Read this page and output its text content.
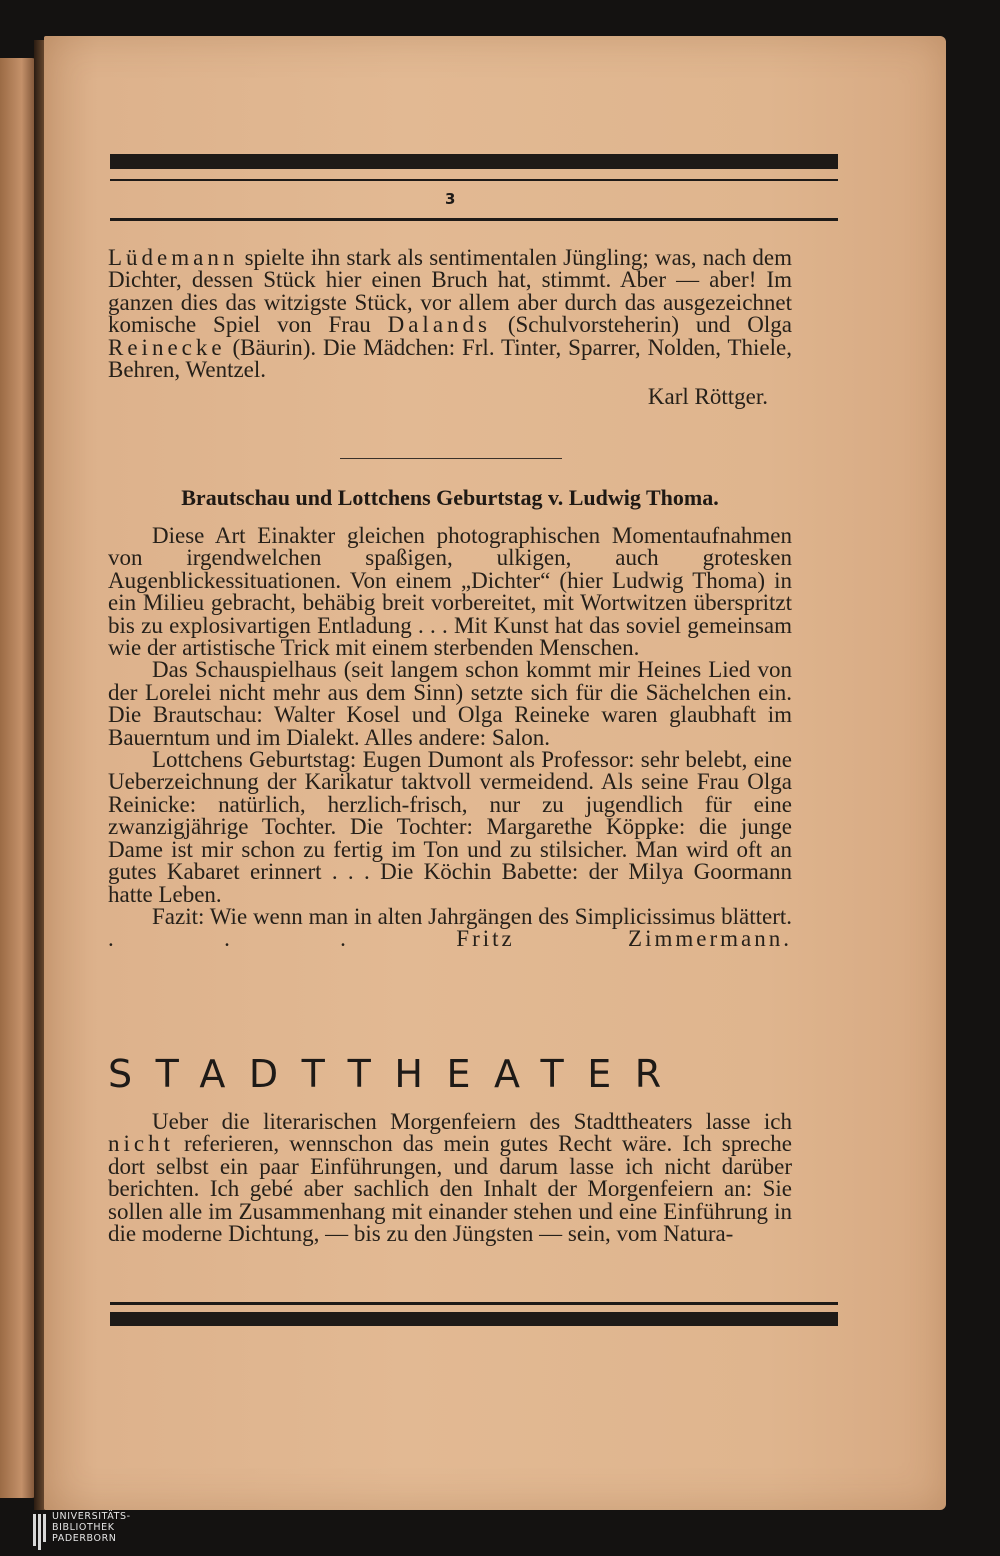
3

Lüdemann spielte ihn stark als sentimentalen Jüngling; was, nach dem Dichter, dessen Stück hier einen Bruch hat, stimmt. Aber — aber! Im ganzen dies das witzigste Stück, vor allem aber durch das ausgezeichnet komische Spiel von Frau Dalands (Schulvorsteherin) und Olga Reinecke (Bäurin). Die Mädchen: Frl. Tinter, Sparrer, Nolden, Thiele, Behren, Wentzel.

Karl Röttger.

Brautschau und Lottchens Geburtstag v. Ludwig Thoma.

Diese Art Einakter gleichen photographischen Momentaufnahmen von irgendwelchen spaßigen, ulkigen, auch grotesken Augenblickessituationen. Von einem „Dichter“ (hier Ludwig Thoma) in ein Milieu gebracht, behäbig breit vorbereitet, mit Wortwitzen überspritzt bis zu explosivartigen Entladung . . . Mit Kunst hat das soviel gemeinsam wie der artistische Trick mit einem sterbenden Menschen.

Das Schauspielhaus (seit langem schon kommt mir Heines Lied von der Lorelei nicht mehr aus dem Sinn) setzte sich für die Sächelchen ein. Die Brautschau: Walter Kosel und Olga Reineke waren glaubhaft im Bauerntum und im Dialekt. Alles andere: Salon.

Lottchens Geburtstag: Eugen Dumont als Professor: sehr belebt, eine Ueberzeichnung der Karikatur taktvoll vermeidend. Als seine Frau Olga Reinicke: natürlich, herzlich-frisch, nur zu jugendlich für eine zwanzigjährige Tochter. Die Tochter: Margarethe Köppke: die junge Dame ist mir schon zu fertig im Ton und zu stilsicher. Man wird oft an gutes Kabaret erinnert . . . Die Köchin Babette: der Milya Goormann hatte Leben.

Fazit: Wie wenn man in alten Jahrgängen des Simplicissimus blättert. . . .	Fritz Zimmermann.

STADTTHEATER

Ueber die literarischen Morgenfeiern des Stadttheaters lasse ich nicht referieren, wennschon das mein gutes Recht wäre. Ich spreche dort selbst ein paar Einführungen, und darum lasse ich nicht darüber berichten. Ich gebé aber sachlich den Inhalt der Morgenfeiern an: Sie sollen alle im Zusammenhang mit einander stehen und eine Einführung in die moderne Dichtung, — bis zu den Jüngsten — sein, vom Natura-

UNIVERSITÄTS-
BIBLIOTHEK
PADERBORN
